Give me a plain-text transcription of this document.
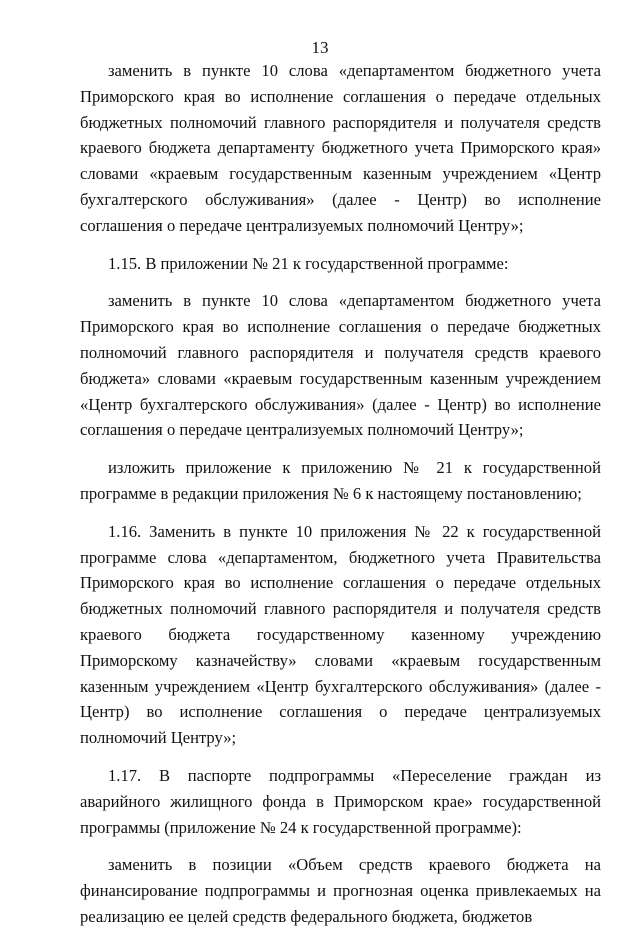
13

заменить в пункте 10 слова «департаментом бюджетного учета Приморского края во исполнение соглашения о передаче отдельных бюджетных полномочий главного распорядителя и получателя средств краевого бюджета департаменту бюджетного учета Приморского края» словами «краевым государственным казенным учреждением «Центр бухгалтерского обслуживания» (далее - Центр) во исполнение соглашения о передаче централизуемых полномочий Центру»;

1.15. В приложении № 21 к государственной программе:

заменить в пункте 10 слова «департаментом бюджетного учета Приморского края во исполнение соглашения о передаче бюджетных полномочий главного распорядителя и получателя средств краевого бюджета» словами «краевым государственным казенным учреждением «Центр бухгалтерского обслуживания» (далее - Центр) во исполнение соглашения о передаче централизуемых полномочий Центру»;

изложить приложение к приложению № 21 к государственной программе в редакции приложения № 6 к настоящему постановлению;

1.16. Заменить в пункте 10 приложения № 22 к государственной программе слова «департаментом, бюджетного учета Правительства Приморского края во исполнение соглашения о передаче отдельных бюджетных полномочий главного распорядителя и получателя средств краевого бюджета государственному казенному учреждению Приморскому казначейству» словами «краевым государственным казенным учреждением «Центр бухгалтерского обслуживания» (далее - Центр) во исполнение соглашения о передаче централизуемых полномочий Центру»;

1.17. В паспорте подпрограммы «Переселение граждан из аварийного жилищного фонда в Приморском крае» государственной программы (приложение № 24 к государственной программе):

заменить в позиции «Объем средств краевого бюджета на финансирование подпрограммы и прогнозная оценка привлекаемых на реализацию ее целей средств федерального бюджета, бюджетов
